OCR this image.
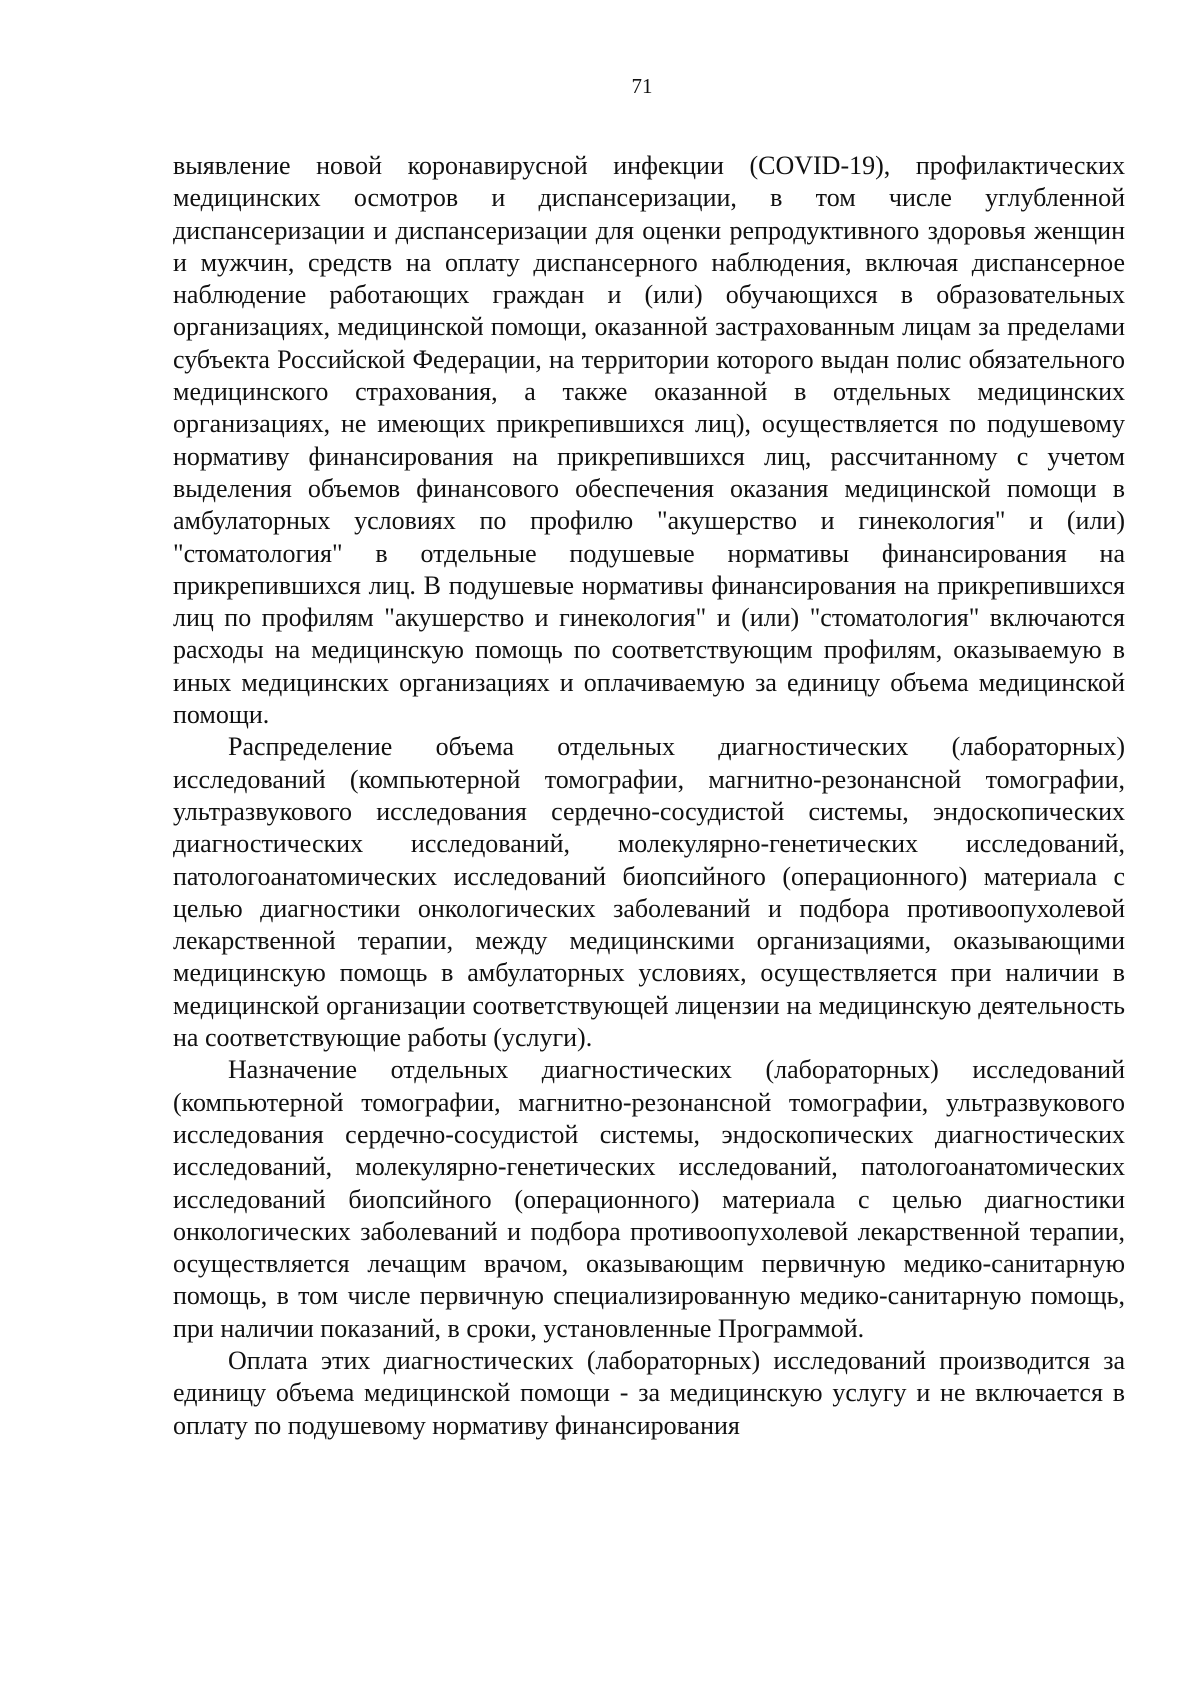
71

выявление новой коронавирусной инфекции (COVID-19), профилактических медицинских осмотров и диспансеризации, в том числе углубленной диспансеризации и диспансеризации для оценки репродуктивного здоровья женщин и мужчин, средств на оплату диспансерного наблюдения, включая диспансерное наблюдение работающих граждан и (или) обучающихся в образовательных организациях, медицинской помощи, оказанной застрахованным лицам за пределами субъекта Российской Федерации, на территории которого выдан полис обязательного медицинского страхования, а также оказанной в отдельных медицинских организациях, не имеющих прикрепившихся лиц), осуществляется по подушевому нормативу финансирования на прикрепившихся лиц, рассчитанному с учетом выделения объемов финансового обеспечения оказания медицинской помощи в амбулаторных условиях по профилю "акушерство и гинекология" и (или) "стоматология" в отдельные подушевые нормативы финансирования на прикрепившихся лиц. В подушевые нормативы финансирования на прикрепившихся лиц по профилям "акушерство и гинекология" и (или) "стоматология" включаются расходы на медицинскую помощь по соответствующим профилям, оказываемую в иных медицинских организациях и оплачиваемую за единицу объема медицинской помощи.

Распределение объема отдельных диагностических (лабораторных) исследований (компьютерной томографии, магнитно-резонансной томографии, ультразвукового исследования сердечно-сосудистой системы, эндоскопических диагностических исследований, молекулярно-генетических исследований, патологоанатомических исследований биопсийного (операционного) материала с целью диагностики онкологических заболеваний и подбора противоопухолевой лекарственной терапии, между медицинскими организациями, оказывающими медицинскую помощь в амбулаторных условиях, осуществляется при наличии в медицинской организации соответствующей лицензии на медицинскую деятельность на соответствующие работы (услуги).

Назначение отдельных диагностических (лабораторных) исследований (компьютерной томографии, магнитно-резонансной томографии, ультразвукового исследования сердечно-сосудистой системы, эндоскопических диагностических исследований, молекулярно-генетических исследований, патологоанатомических исследований биопсийного (операционного) материала с целью диагностики онкологических заболеваний и подбора противоопухолевой лекарственной терапии, осуществляется лечащим врачом, оказывающим первичную медико-санитарную помощь, в том числе первичную специализированную медико-санитарную помощь, при наличии показаний, в сроки, установленные Программой.

Оплата этих диагностических (лабораторных) исследований производится за единицу объема медицинской помощи - за медицинскую услугу и не включается в оплату по подушевому нормативу финансирования
